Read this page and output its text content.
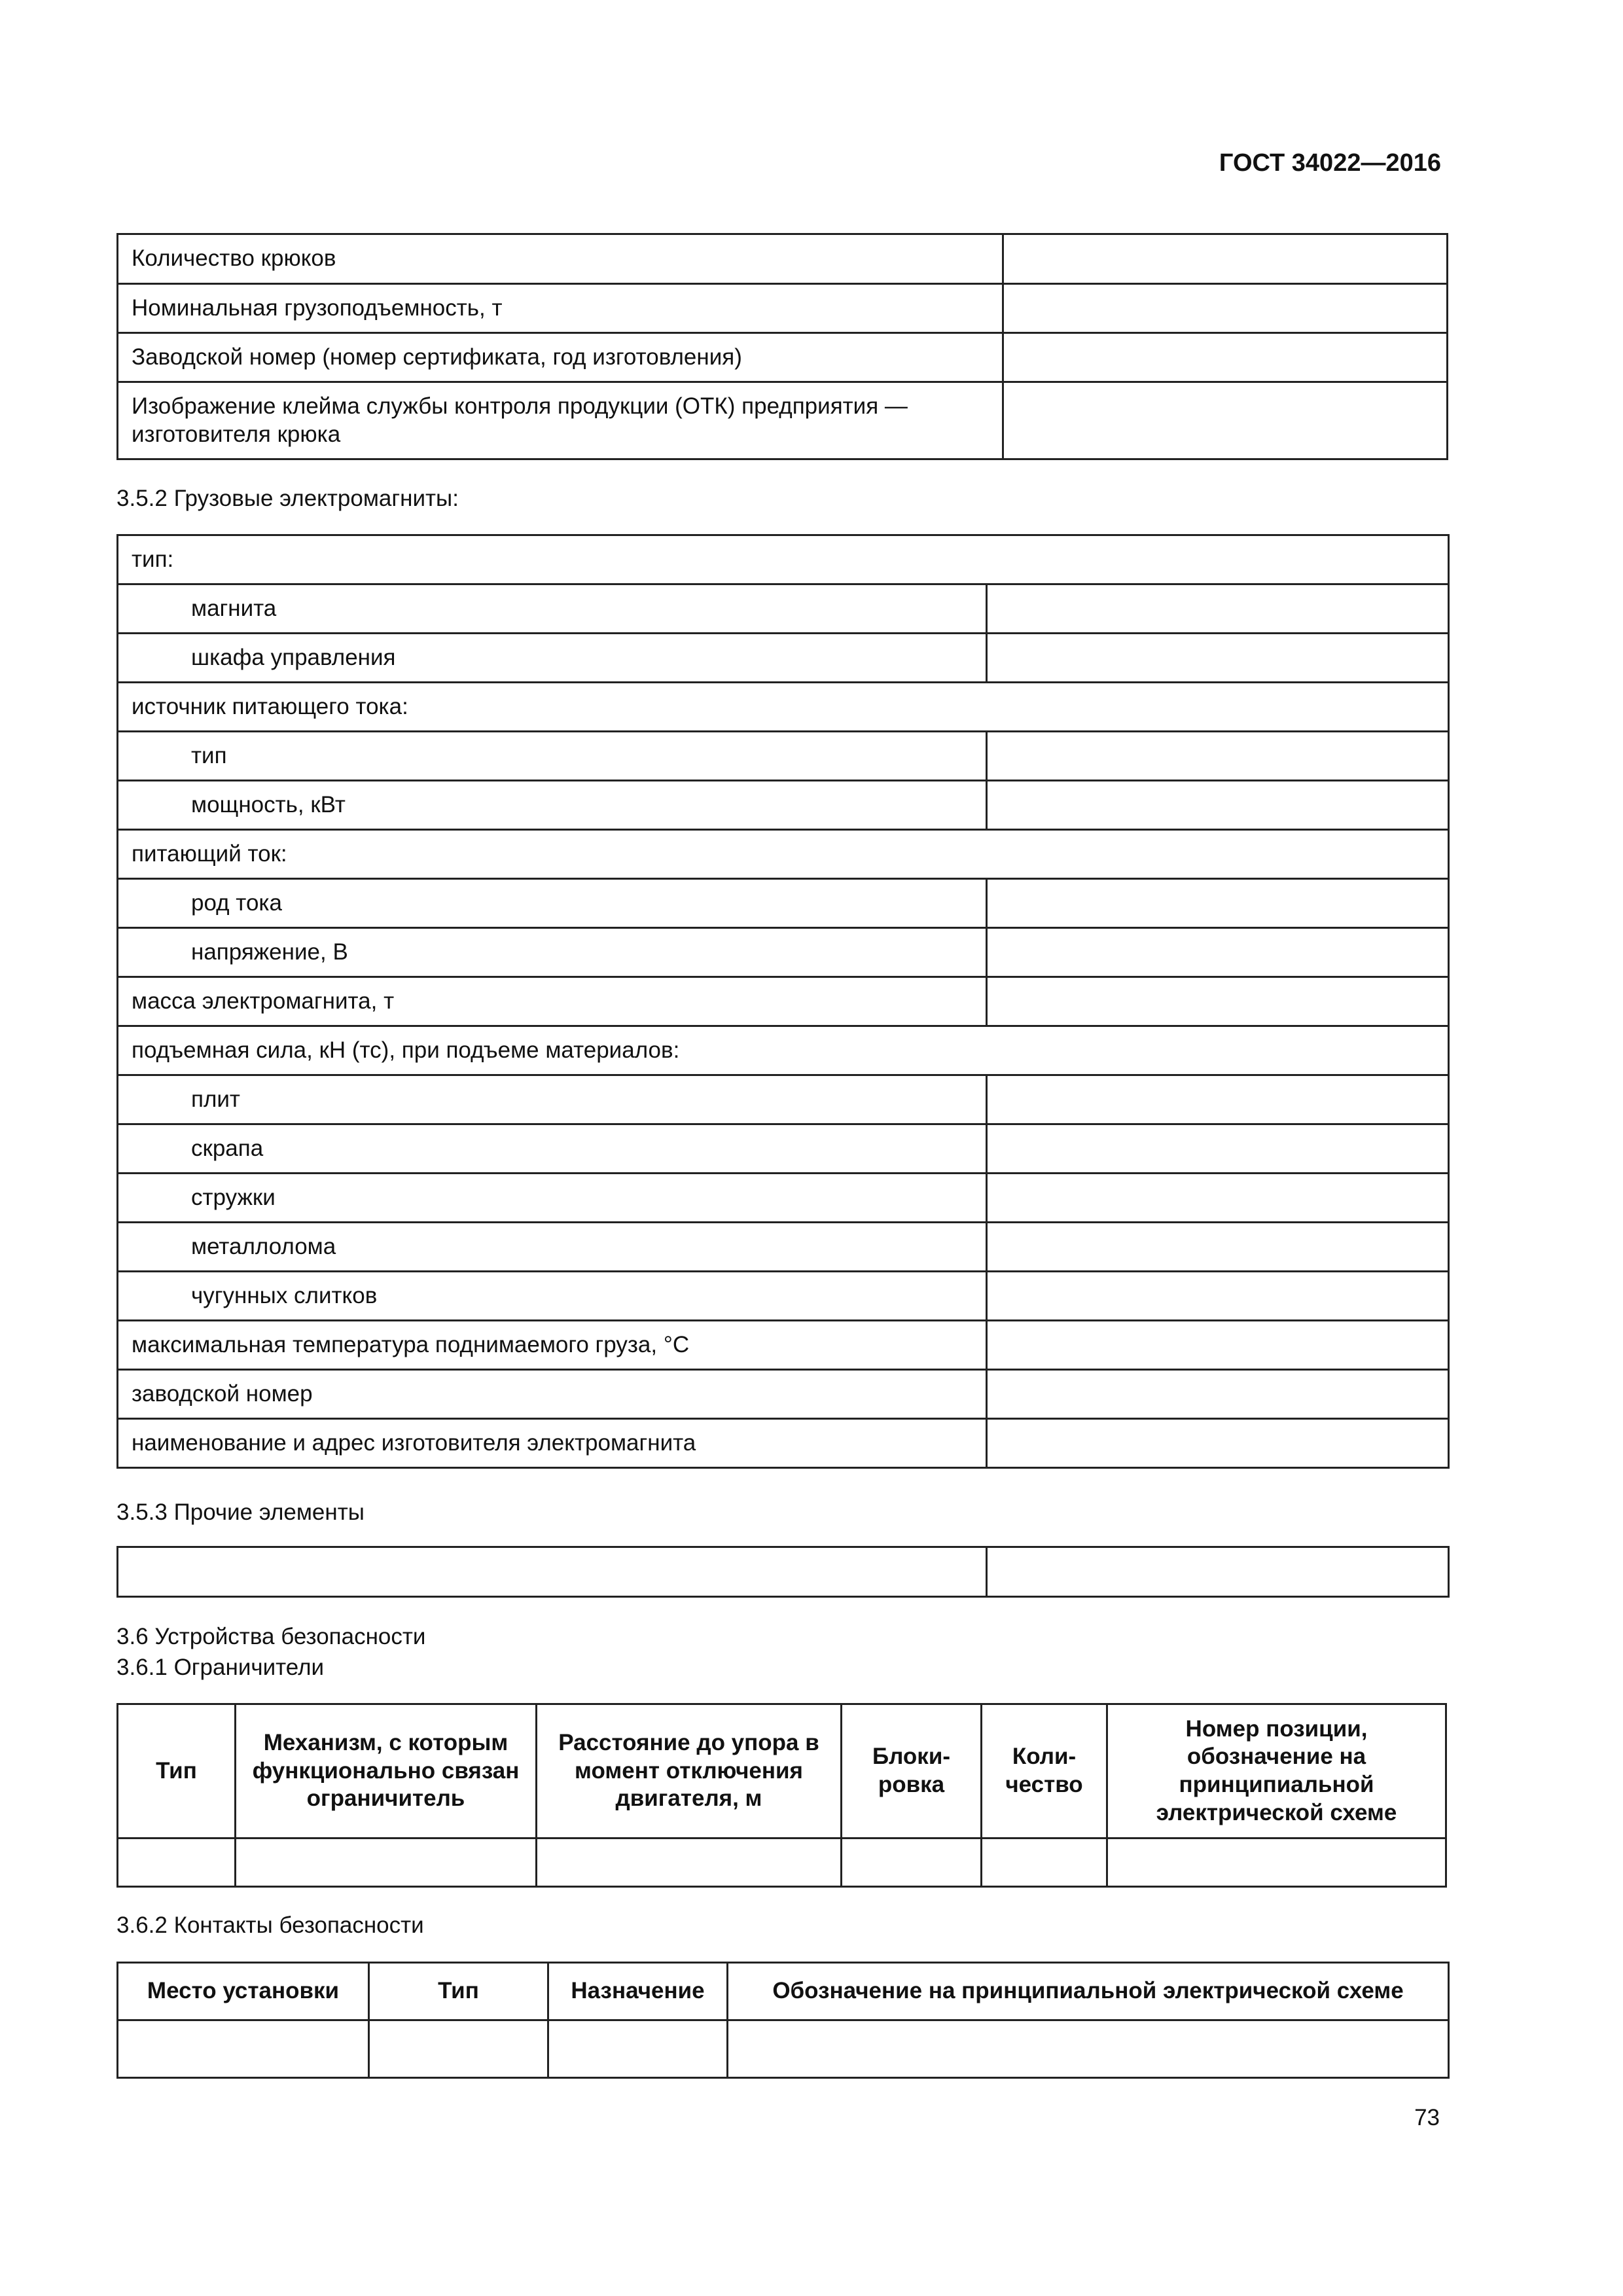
ГОСТ 34022—2016
Количество крюков	
Номинальная грузоподъемность, т	
Заводской номер (номер сертификата, год изготовления)	
Изображение клейма службы контроля продукции (ОТК) предприятия — изготовителя крюка	
3.5.2 Грузовые электромагниты:
тип:	
магнита	
шкафа управления	
источник питающего тока:	
тип	
мощность, кВт	
питающий ток:	
род тока	
напряжение, В	
масса электромагнита, т	
подъемная сила, кН (тс), при подъеме материалов:	
плит	
скрапа	
стружки	
металлолома	
чугунных слитков	
максимальная температура поднимаемого груза, °С	
заводской номер	
наименование и адрес изготовителя электромагнита	
3.5.3 Прочие элементы

3.6 Устройства безопасности
3.6.1 Ограничители
Тип	Механизм, с которым функционально связан ограничитель	Расстояние до упора в момент отключения двигателя, м	Блоки-ровка	Коли-чество	Номер позиции, обозначение на принципиальной электрической схеме

3.6.2 Контакты безопасности
Место установки	Тип	Назначение	Обозначение на принципиальной электрической схеме

73
